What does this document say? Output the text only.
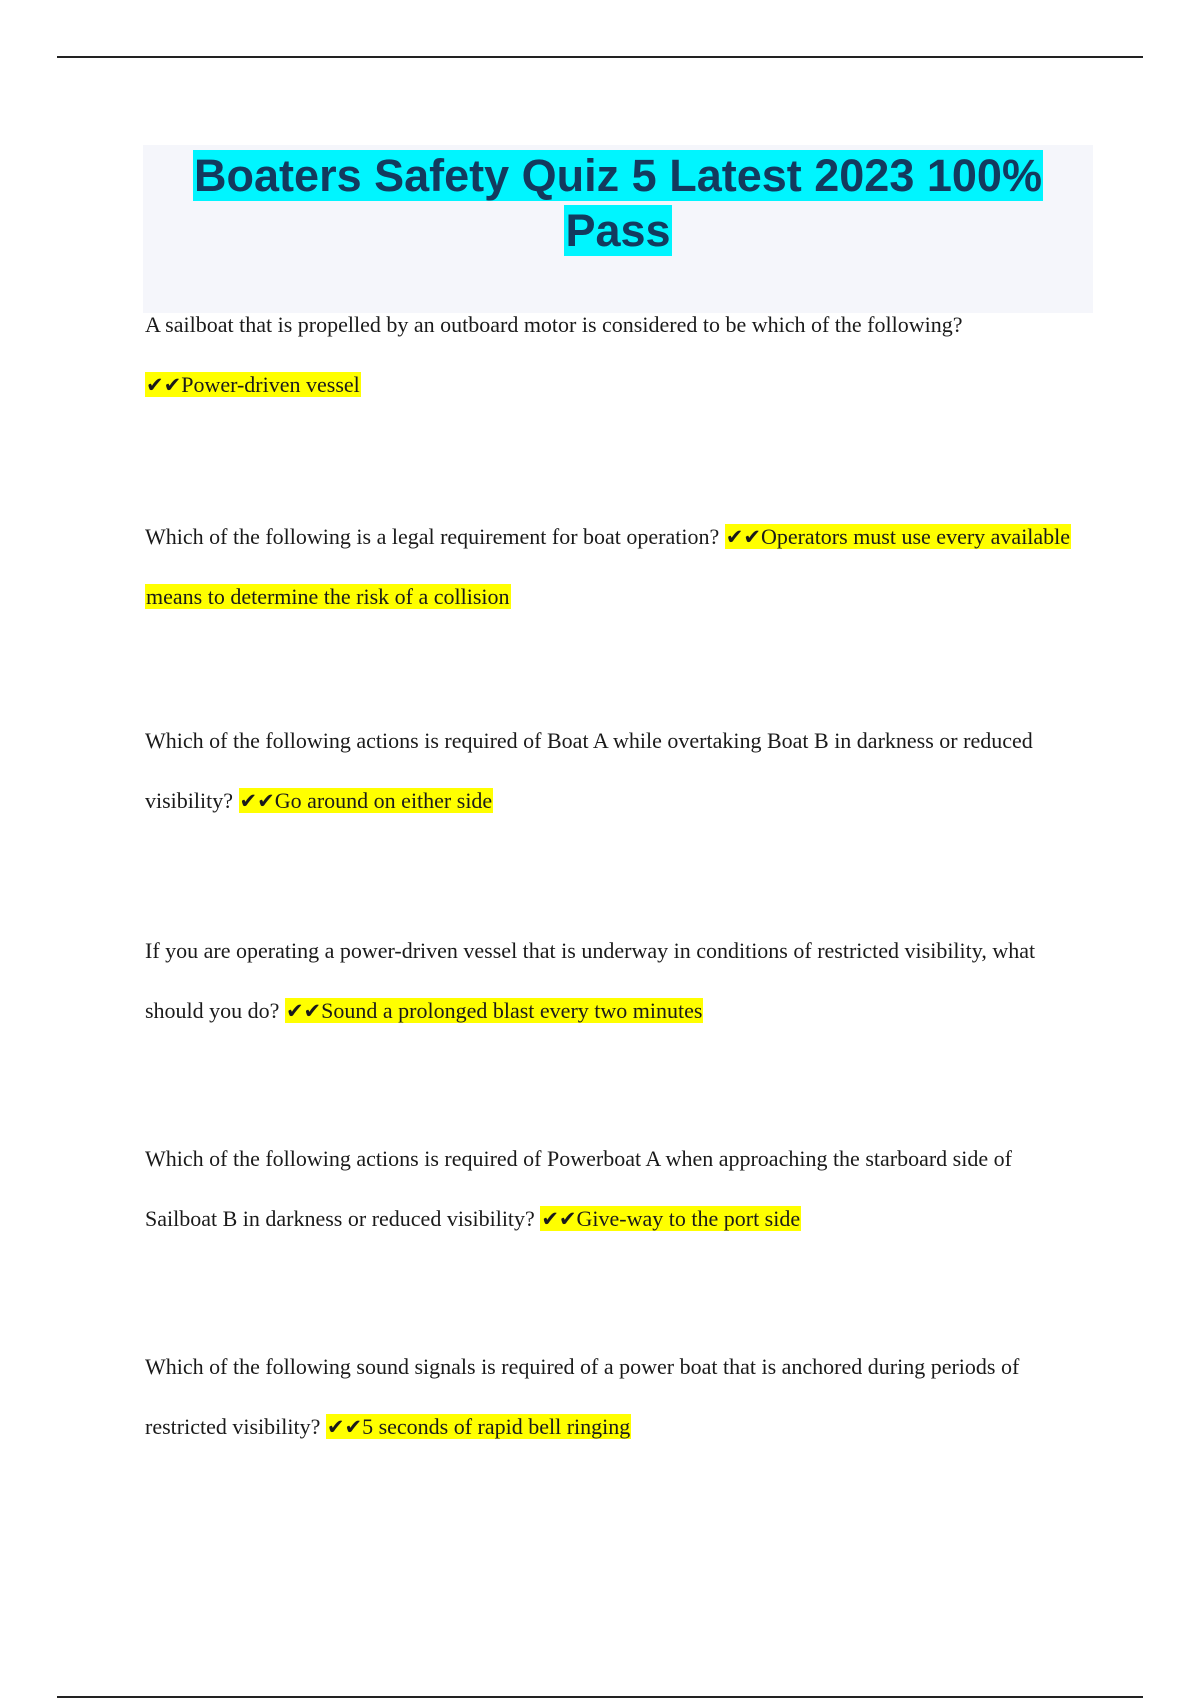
Boaters Safety Quiz 5 Latest 2023 100% Pass

A sailboat that is propelled by an outboard motor is considered to be which of the following?
✔✔Power-driven vessel

Which of the following is a legal requirement for boat operation? ✔✔Operators must use every available means to determine the risk of a collision

Which of the following actions is required of Boat A while overtaking Boat B in darkness or reduced visibility? ✔✔Go around on either side

If you are operating a power-driven vessel that is underway in conditions of restricted visibility, what should you do? ✔✔Sound a prolonged blast every two minutes

Which of the following actions is required of Powerboat A when approaching the starboard side of Sailboat B in darkness or reduced visibility? ✔✔Give-way to the port side

Which of the following sound signals is required of a power boat that is anchored during periods of restricted visibility? ✔✔5 seconds of rapid bell ringing
